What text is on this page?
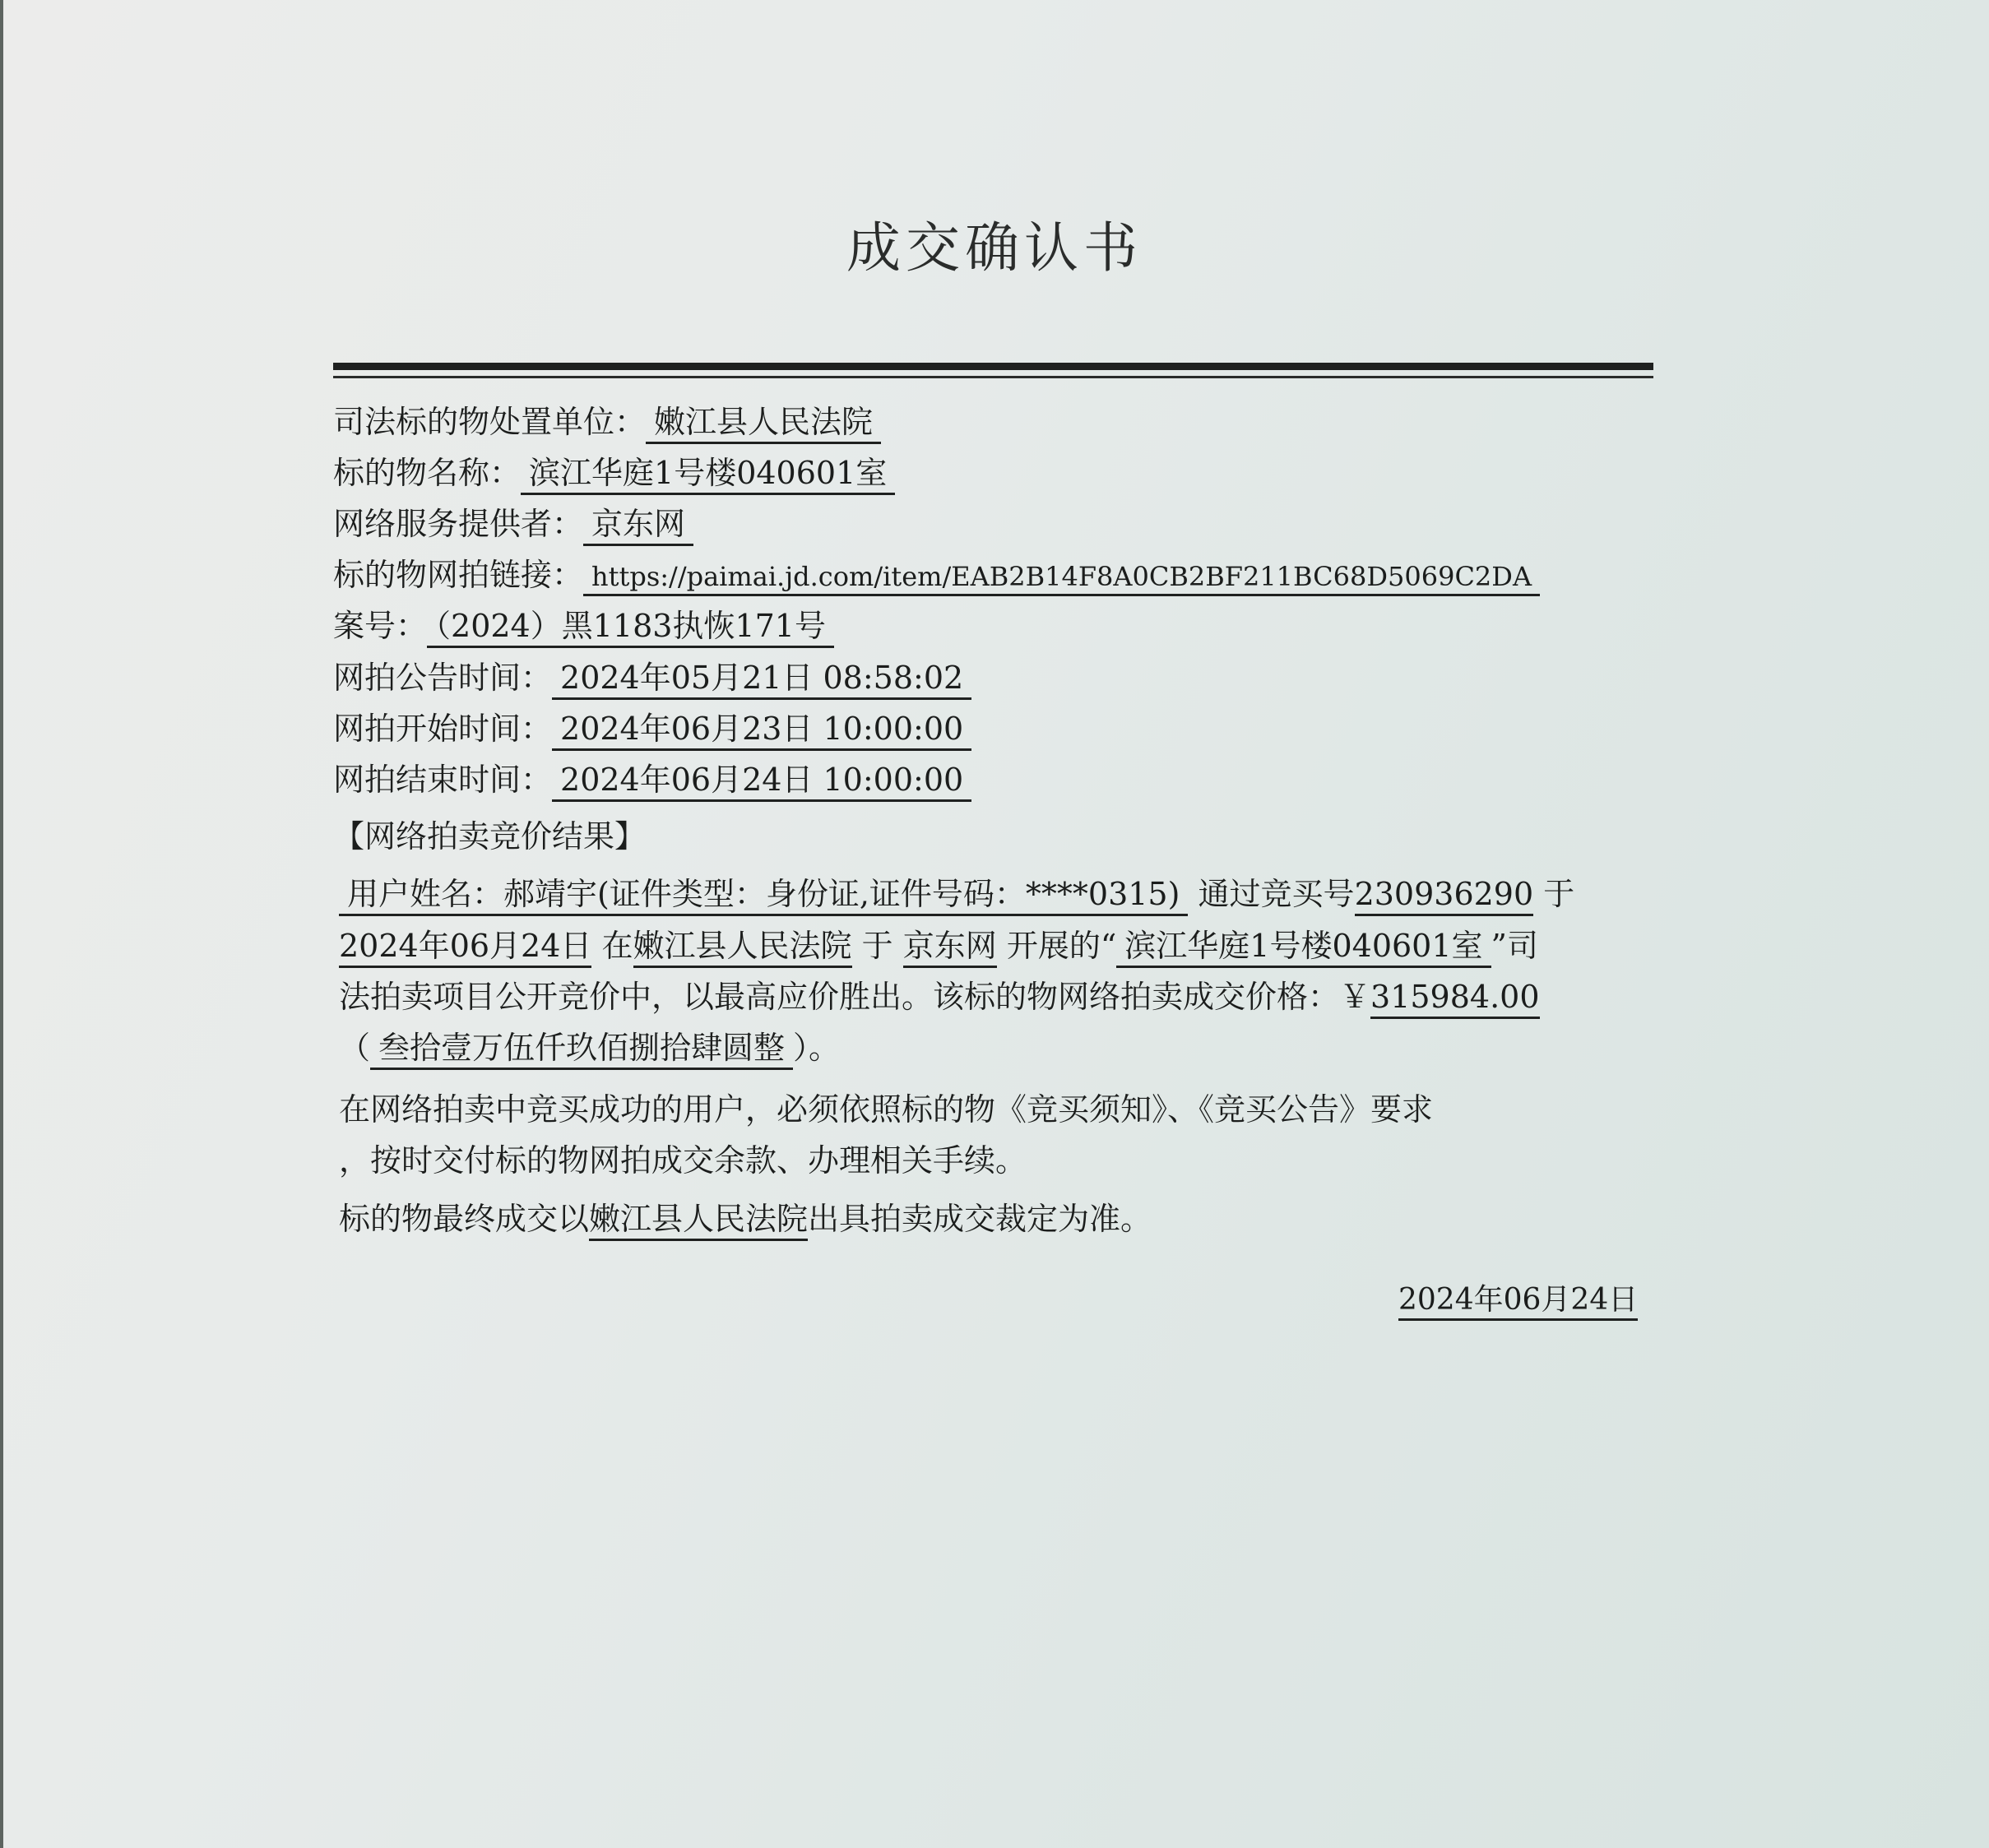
成交确认书
司法标的物处置单位： 嫩江县人民法院
标的物名称： 滨江华庭1号楼040601室
网络服务提供者： 京东网
标的物网拍链接： https://paimai.jd.com/item/EAB2B14F8A0CB2BF211BC68D5069C2DA
案号： （2024）黑1183执恢171号
网拍公告时间： 2024年05月21日 08:58:02
网拍开始时间： 2024年06月23日 10:00:00
网拍结束时间： 2024年06月24日 10:00:00
【网络拍卖竞价结果】
用户姓名：郝靖宇(证件类型：身份证,证件号码：****0315) 通过竞买号230936290 于
2024年06月24日 在嫩江县人民法院 于 京东网 开展的“ 滨江华庭1号楼040601室 ”司
法拍卖项目公开竞价中，以最高应价胜出。该标的物网络拍卖成交价格：￥315984.00
（ 叁拾壹万伍仟玖佰捌拾肆圆整 ）。
在网络拍卖中竞买成功的用户，必须依照标的物《竞买须知》、《竞买公告》要求
，按时交付标的物网拍成交余款、办理相关手续。
标的物最终成交以嫩江县人民法院出具拍卖成交裁定为准。
2024年06月24日
